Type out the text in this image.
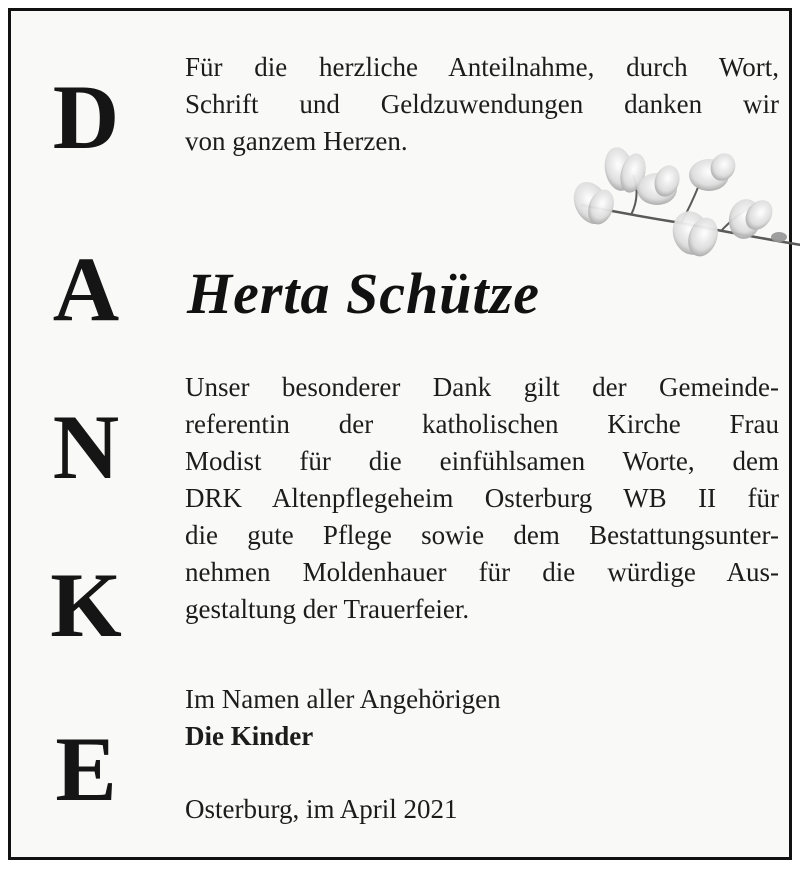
D
A
N
K
E

Für die herzliche Anteilnahme, durch Wort,
Schrift und Geldzuwendungen danken wir
von ganzem Herzen.

Herta Schütze

Unser besonderer Dank gilt der Gemeinde-
referentin der katholischen Kirche Frau
Modist für die einfühlsamen Worte, dem
DRK Altenpflegeheim Osterburg WB II für
die gute Pflege sowie dem Bestattungsunter-
nehmen Moldenhauer für die würdige Aus-
gestaltung der Trauerfeier.

Im Namen aller Angehörigen

Die Kinder

Osterburg, im April 2021
